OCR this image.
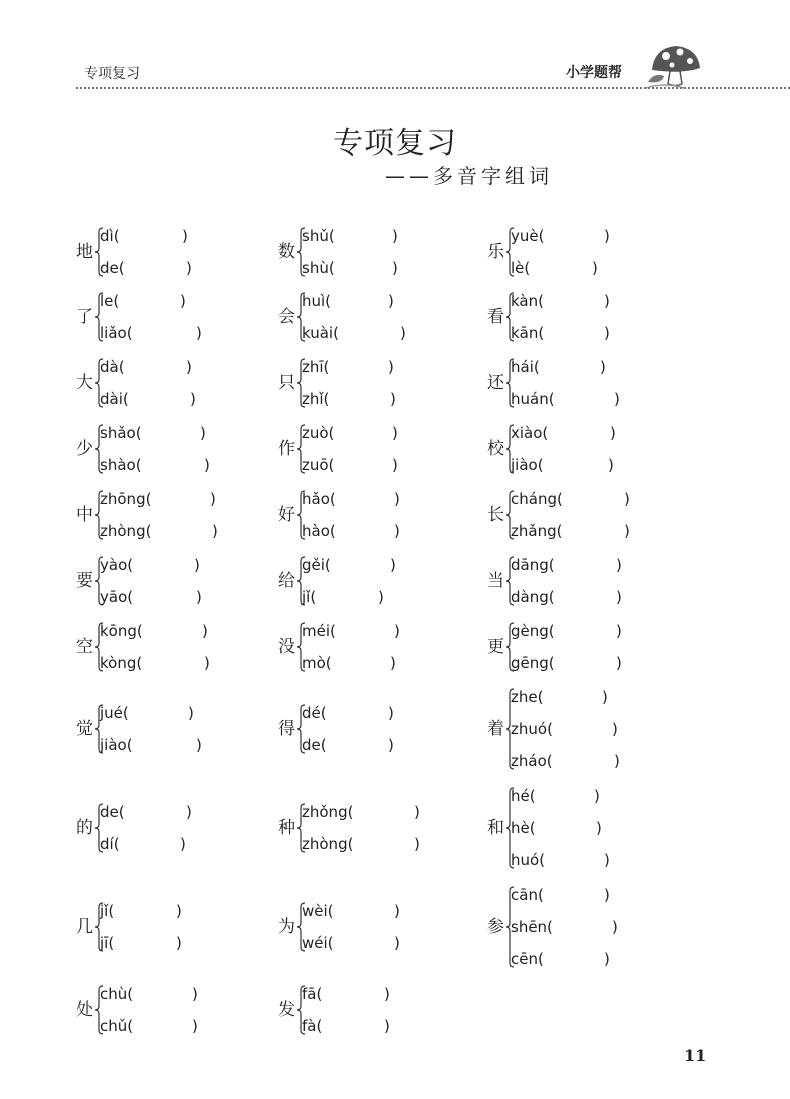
专项复习	小学题帮
专项复习
——多音字组词
地
dì(	)
de(	)
了
le(	)
liǎo(	)
大
dà(	)
dài(	)
少
shǎo(	)
shào(	)
中
zhōng(	)
zhòng(	)
要
yào(	)
yāo(	)
空
kōng(	)
kòng(	)
觉
jué(	)
jiào(	)
的
de(	)
dí(	)
几
jǐ(	)
jī(	)
处
chù(	)
chǔ(	)
数
shǔ(	)
shù(	)
会
huì(	)
kuài(	)
只
zhī(	)
zhǐ(	)
作
zuò(	)
zuō(	)
好
hǎo(	)
hào(	)
给
gěi(	)
jǐ(	)
没
méi(	)
mò(	)
得
dé(	)
de(	)
种
zhǒng(	)
zhòng(	)
为
wèi(	)
wéi(	)
发
fā(	)
fà(	)
乐
yuè(	)
lè(	)
看
kàn(	)
kān(	)
还
hái(	)
huán(	)
校
xiào(	)
jiào(	)
长
cháng(	)
zhǎng(	)
当
dāng(	)
dàng(	)
更
gèng(	)
gēng(	)
着
zhe(	)
zhuó(	)
zháo(	)
和
hé(	)
hè(	)
huó(	)
参
cān(	)
shēn(	)
cēn(	)
11
